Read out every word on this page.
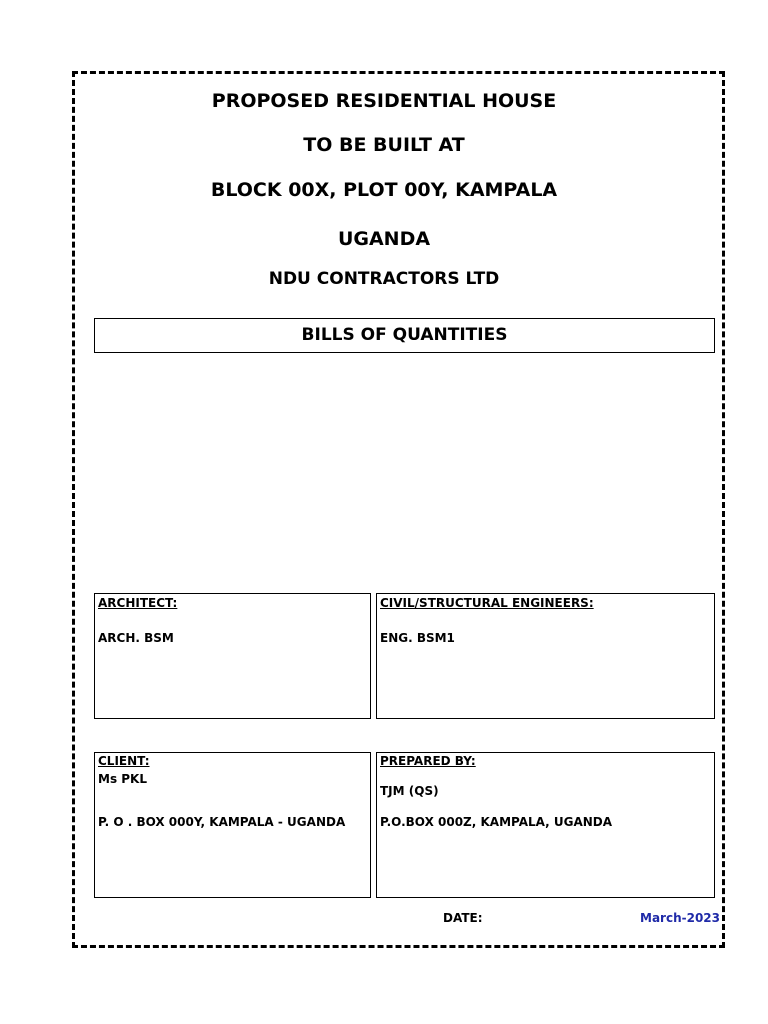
PROPOSED RESIDENTIAL HOUSE
TO BE BUILT AT
BLOCK 00X, PLOT 00Y, KAMPALA
UGANDA
NDU CONTRACTORS LTD
BILLS OF QUANTITIES
ARCHITECT:
ARCH. BSM
CIVIL/STRUCTURAL ENGINEERS:
ENG. BSM1
CLIENT:
Ms PKL
P. O . BOX 000Y, KAMPALA - UGANDA
PREPARED BY:
TJM (QS)
P.O.BOX 000Z, KAMPALA, UGANDA
DATE:	March-2023
